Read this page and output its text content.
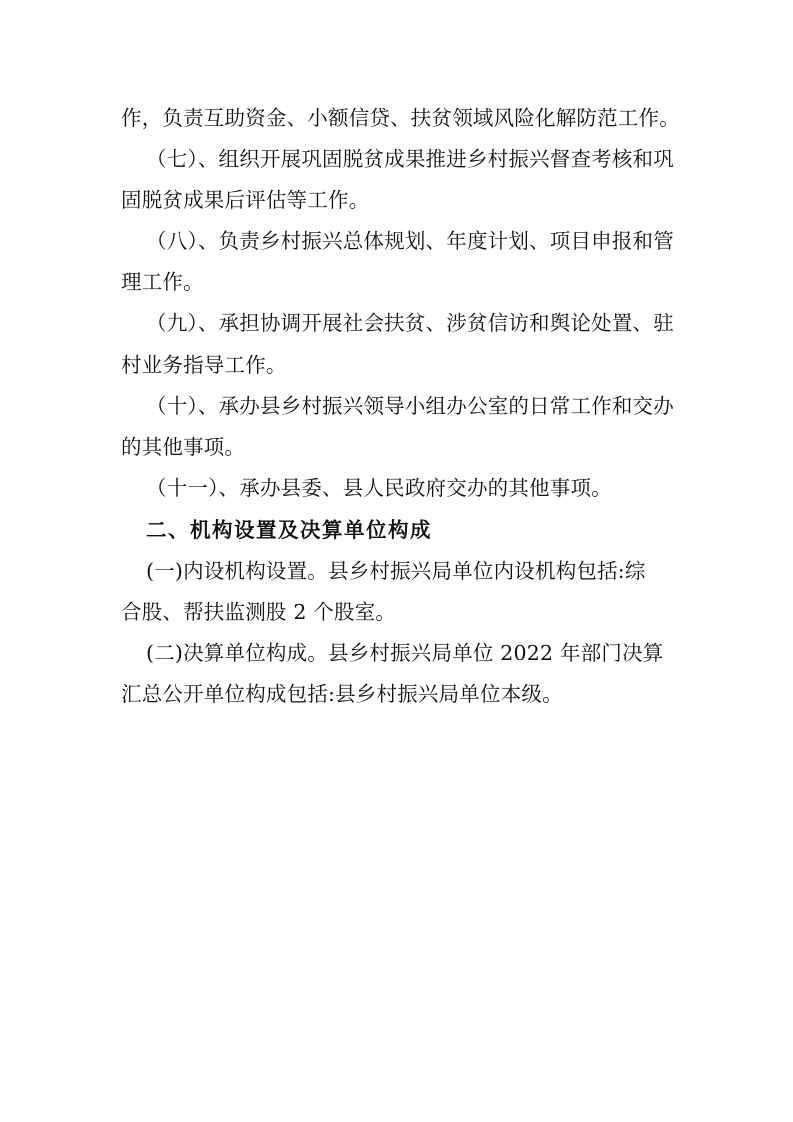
作，负责互助资金、小额信贷、扶贫领域风险化解防范工作。
（七）、组织开展巩固脱贫成果推进乡村振兴督查考核和巩
固脱贫成果后评估等工作。
（八）、负责乡村振兴总体规划、年度计划、项目申报和管
理工作。
（九）、承担协调开展社会扶贫、涉贫信访和舆论处置、驻
村业务指导工作。
（十）、承办县乡村振兴领导小组办公室的日常工作和交办
的其他事项。
（十一）、承办县委、县人民政府交办的其他事项。
二、机构设置及决算单位构成
(一)内设机构设置。县乡村振兴局单位内设机构包括:综
合股、帮扶监测股 2 个股室。
(二)决算单位构成。县乡村振兴局单位 2022 年部门决算
汇总公开单位构成包括:县乡村振兴局单位本级。
